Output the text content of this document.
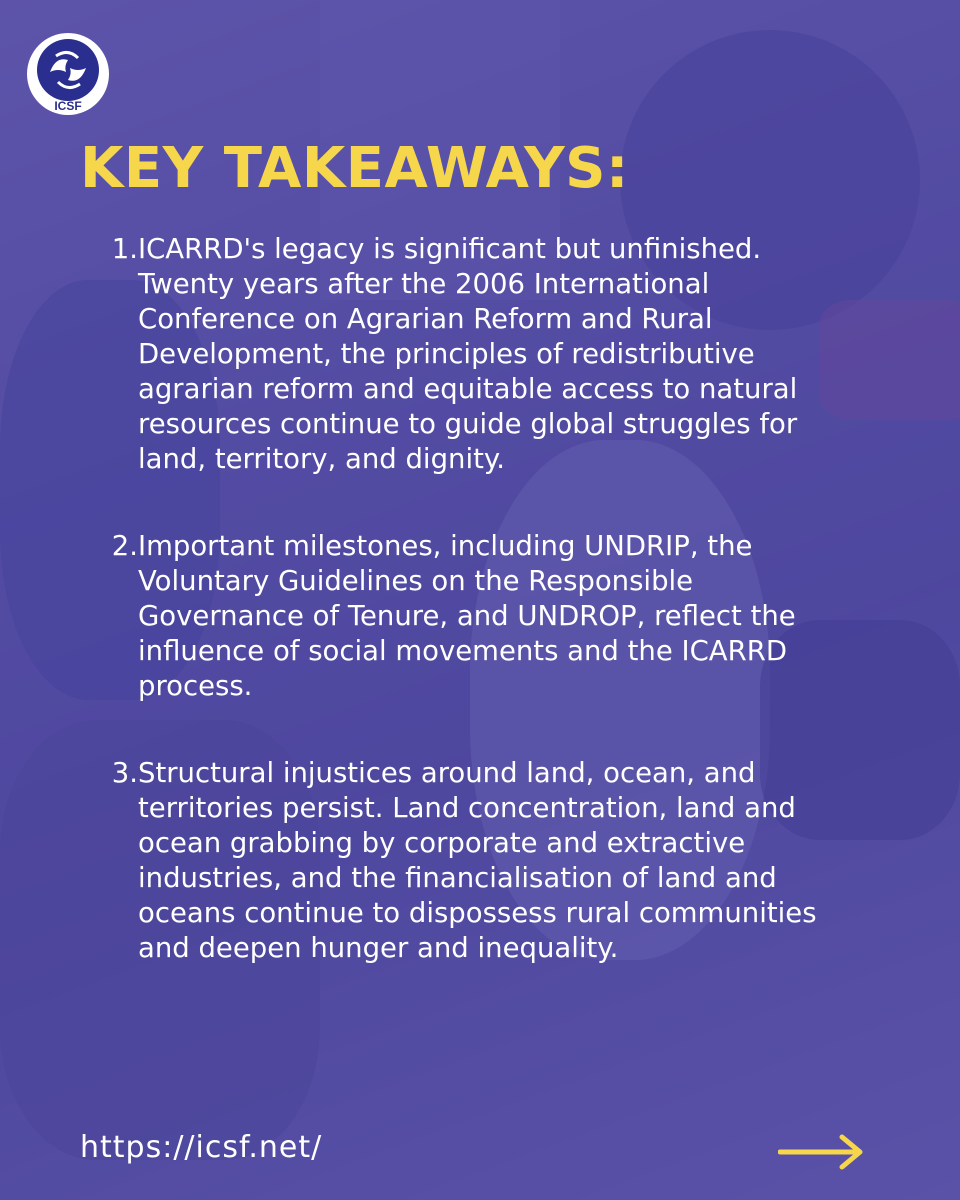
ICSF
KEY TAKEAWAYS:
1. ICARRD's legacy is significant but unfinished. Twenty years after the 2006 International Conference on Agrarian Reform and Rural Development, the principles of redistributive agrarian reform and equitable access to natural resources continue to guide global struggles for land, territory, and dignity.
2. Important milestones, including UNDRIP, the Voluntary Guidelines on the Responsible Governance of Tenure, and UNDROP, reflect the influence of social movements and the ICARRD process.
3. Structural injustices around land, ocean, and territories persist. Land concentration, land and ocean grabbing by corporate and extractive industries, and the financialisation of land and oceans continue to dispossess rural communities and deepen hunger and inequality.
https://icsf.net/
